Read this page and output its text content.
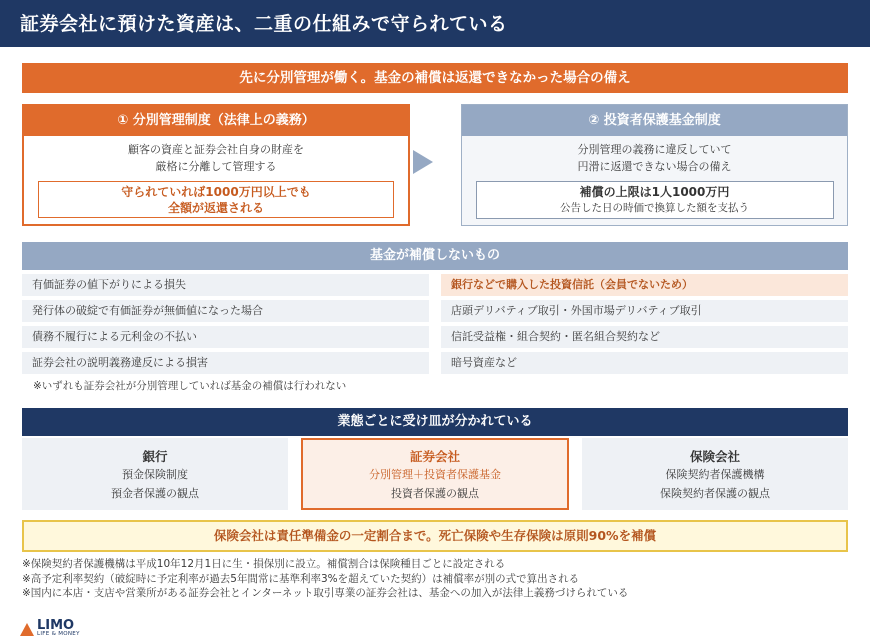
証券会社に預けた資産は、二重の仕組みで守られている
先に分別管理が働く。基金の補償は返還できなかった場合の備え
① 分別管理制度（法律上の義務）
顧客の資産と証券会社自身の財産を
厳格に分離して管理する
守られていれば1000万円以上でも
全額が返還される
② 投資者保護基金制度
分別管理の義務に違反していて
円滑に返還できない場合の備え
補償の上限は1人1000万円
公告した日の時価で換算した額を支払う
基金が補償しないもの
有価証券の値下がりによる損失
発行体の破綻で有価証券が無価値になった場合
債務不履行による元利金の不払い
証券会社の説明義務違反による損害
銀行などで購入した投資信託（会員でないため）
店頭デリバティブ取引・外国市場デリバティブ取引
信託受益権・組合契約・匿名組合契約など
暗号資産など
※いずれも証券会社が分別管理していれば基金の補償は行われない
業態ごとに受け皿が分かれている
銀行
預金保険制度
預金者保護の観点
証券会社
分別管理＋投資者保護基金
投資者保護の観点
保険会社
保険契約者保護機構
保険契約者保護の観点
保険会社は責任準備金の一定割合まで。死亡保険や生存保険は原則90%を補償
※保険契約者保護機構は平成10年12月1日に生・損保別に設立。補償割合は保険種目ごとに設定される
※高予定利率契約（破綻時に予定利率が過去5年間常に基準利率3%を超えていた契約）は補償率が別の式で算出される
※国内に本店・支店や営業所がある証券会社とインターネット取引専業の証券会社は、基金への加入が法律上義務づけられている
LIMO
LIFE & MONEY
